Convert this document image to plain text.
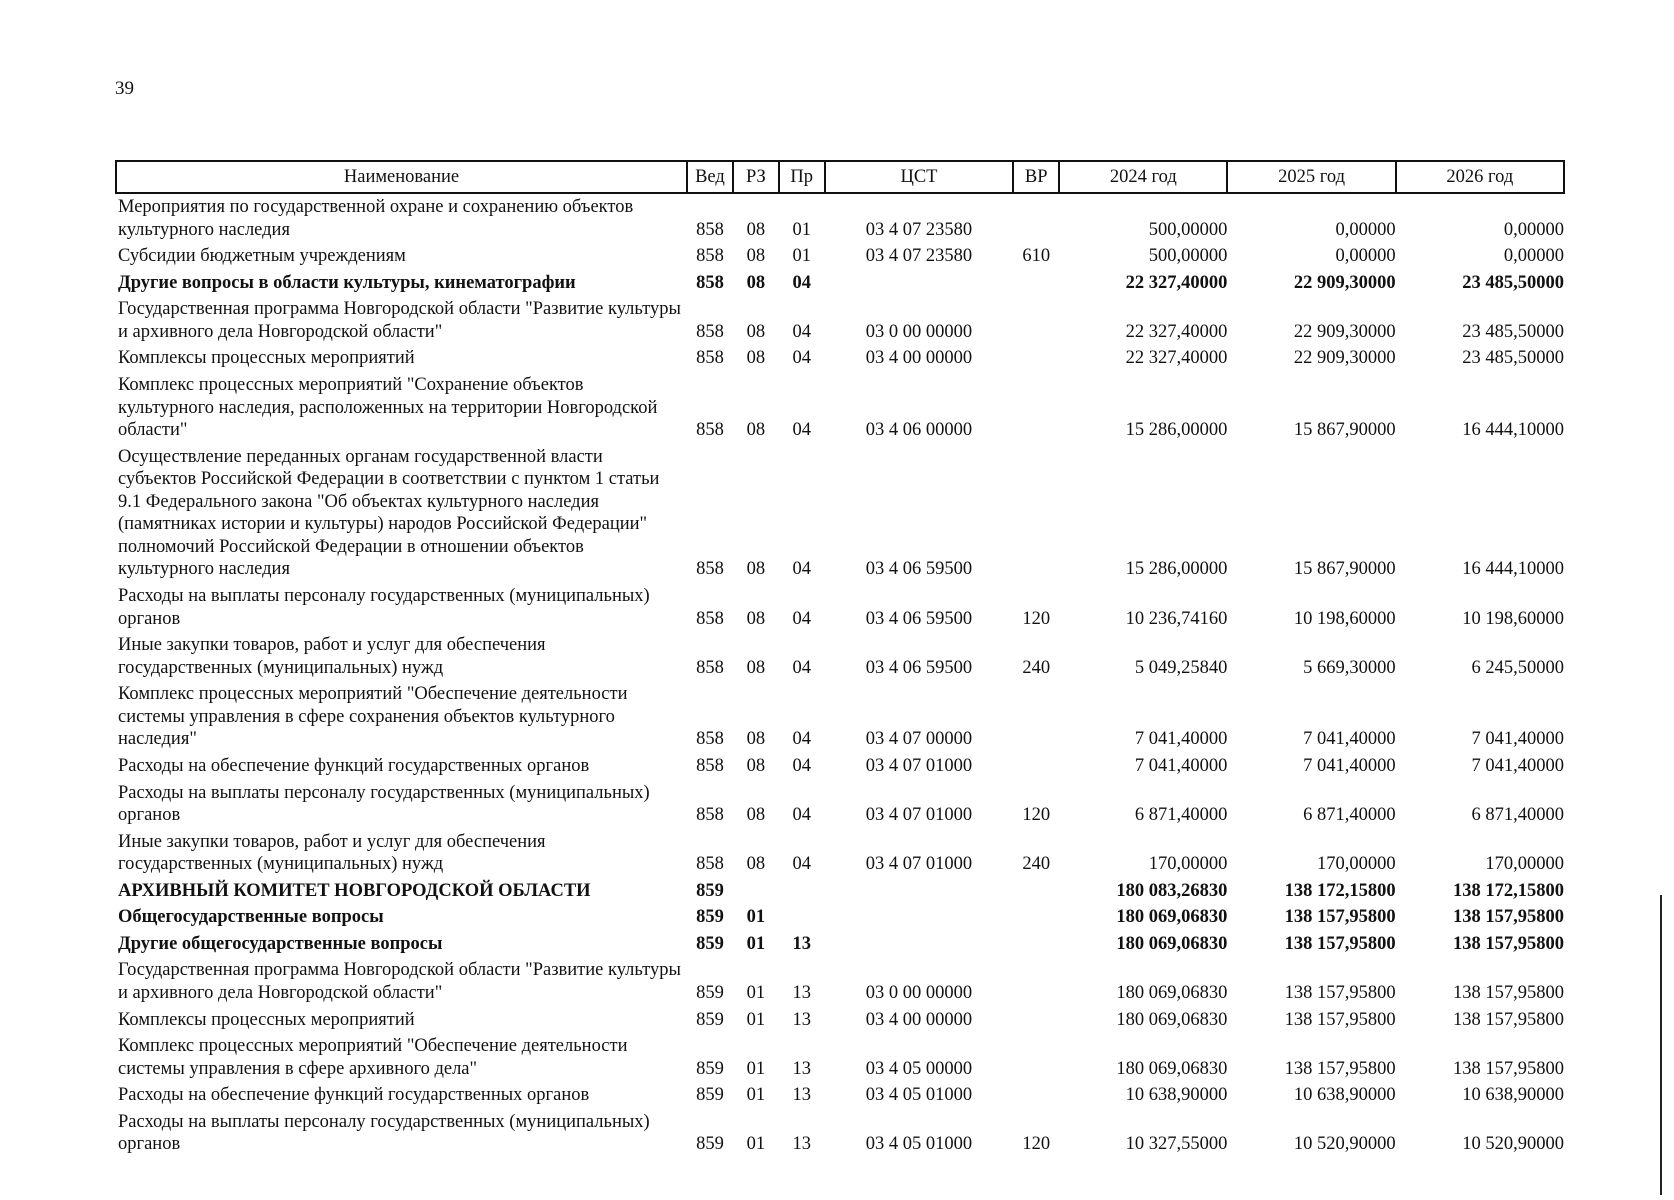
39
Наименование	Вед	РЗ	Пр	ЦСТ	ВР	2024 год	2025 год	2026 год
Мероприятия по государственной охране и сохранению объектов культурного наследия	858	08	01	03 4 07 23580		500,00000	0,00000	0,00000
Субсидии бюджетным учреждениям	858	08	01	03 4 07 23580	610	500,00000	0,00000	0,00000
Другие вопросы в области культуры, кинематографии	858	08	04			22 327,40000	22 909,30000	23 485,50000
Государственная программа Новгородской области "Развитие культуры и архивного дела Новгородской области"	858	08	04	03 0 00 00000		22 327,40000	22 909,30000	23 485,50000
Комплексы процессных мероприятий	858	08	04	03 4 00 00000		22 327,40000	22 909,30000	23 485,50000
Комплекс процессных мероприятий "Сохранение объектов культурного наследия, расположенных на территории Новгородской области"	858	08	04	03 4 06 00000		15 286,00000	15 867,90000	16 444,10000
Осуществление переданных органам государственной власти субъектов Российской Федерации в соответствии с пунктом 1 статьи 9.1 Федерального закона "Об объектах культурного наследия (памятниках истории и культуры) народов Российской Федерации" полномочий Российской Федерации в отношении объектов культурного наследия	858	08	04	03 4 06 59500		15 286,00000	15 867,90000	16 444,10000
Расходы на выплаты персоналу государственных (муниципальных) органов	858	08	04	03 4 06 59500	120	10 236,74160	10 198,60000	10 198,60000
Иные закупки товаров, работ и услуг для обеспечения государственных (муниципальных) нужд	858	08	04	03 4 06 59500	240	5 049,25840	5 669,30000	6 245,50000
Комплекс процессных мероприятий "Обеспечение деятельности системы управления в сфере сохранения объектов культурного наследия"	858	08	04	03 4 07 00000		7 041,40000	7 041,40000	7 041,40000
Расходы на обеспечение функций государственных органов	858	08	04	03 4 07 01000		7 041,40000	7 041,40000	7 041,40000
Расходы на выплаты персоналу государственных (муниципальных) органов	858	08	04	03 4 07 01000	120	6 871,40000	6 871,40000	6 871,40000
Иные закупки товаров, работ и услуг для обеспечения государственных (муниципальных) нужд	858	08	04	03 4 07 01000	240	170,00000	170,00000	170,00000
АРХИВНЫЙ КОМИТЕТ НОВГОРОДСКОЙ ОБЛАСТИ	859					180 083,26830	138 172,15800	138 172,15800
Общегосударственные вопросы	859	01				180 069,06830	138 157,95800	138 157,95800
Другие общегосударственные вопросы	859	01	13			180 069,06830	138 157,95800	138 157,95800
Государственная программа Новгородской области "Развитие культуры и архивного дела Новгородской области"	859	01	13	03 0 00 00000		180 069,06830	138 157,95800	138 157,95800
Комплексы процессных мероприятий	859	01	13	03 4 00 00000		180 069,06830	138 157,95800	138 157,95800
Комплекс процессных мероприятий "Обеспечение деятельности системы управления в сфере архивного дела"	859	01	13	03 4 05 00000		180 069,06830	138 157,95800	138 157,95800
Расходы на обеспечение функций государственных органов	859	01	13	03 4 05 01000		10 638,90000	10 638,90000	10 638,90000
Расходы на выплаты персоналу государственных (муниципальных) органов	859	01	13	03 4 05 01000	120	10 327,55000	10 520,90000	10 520,90000
